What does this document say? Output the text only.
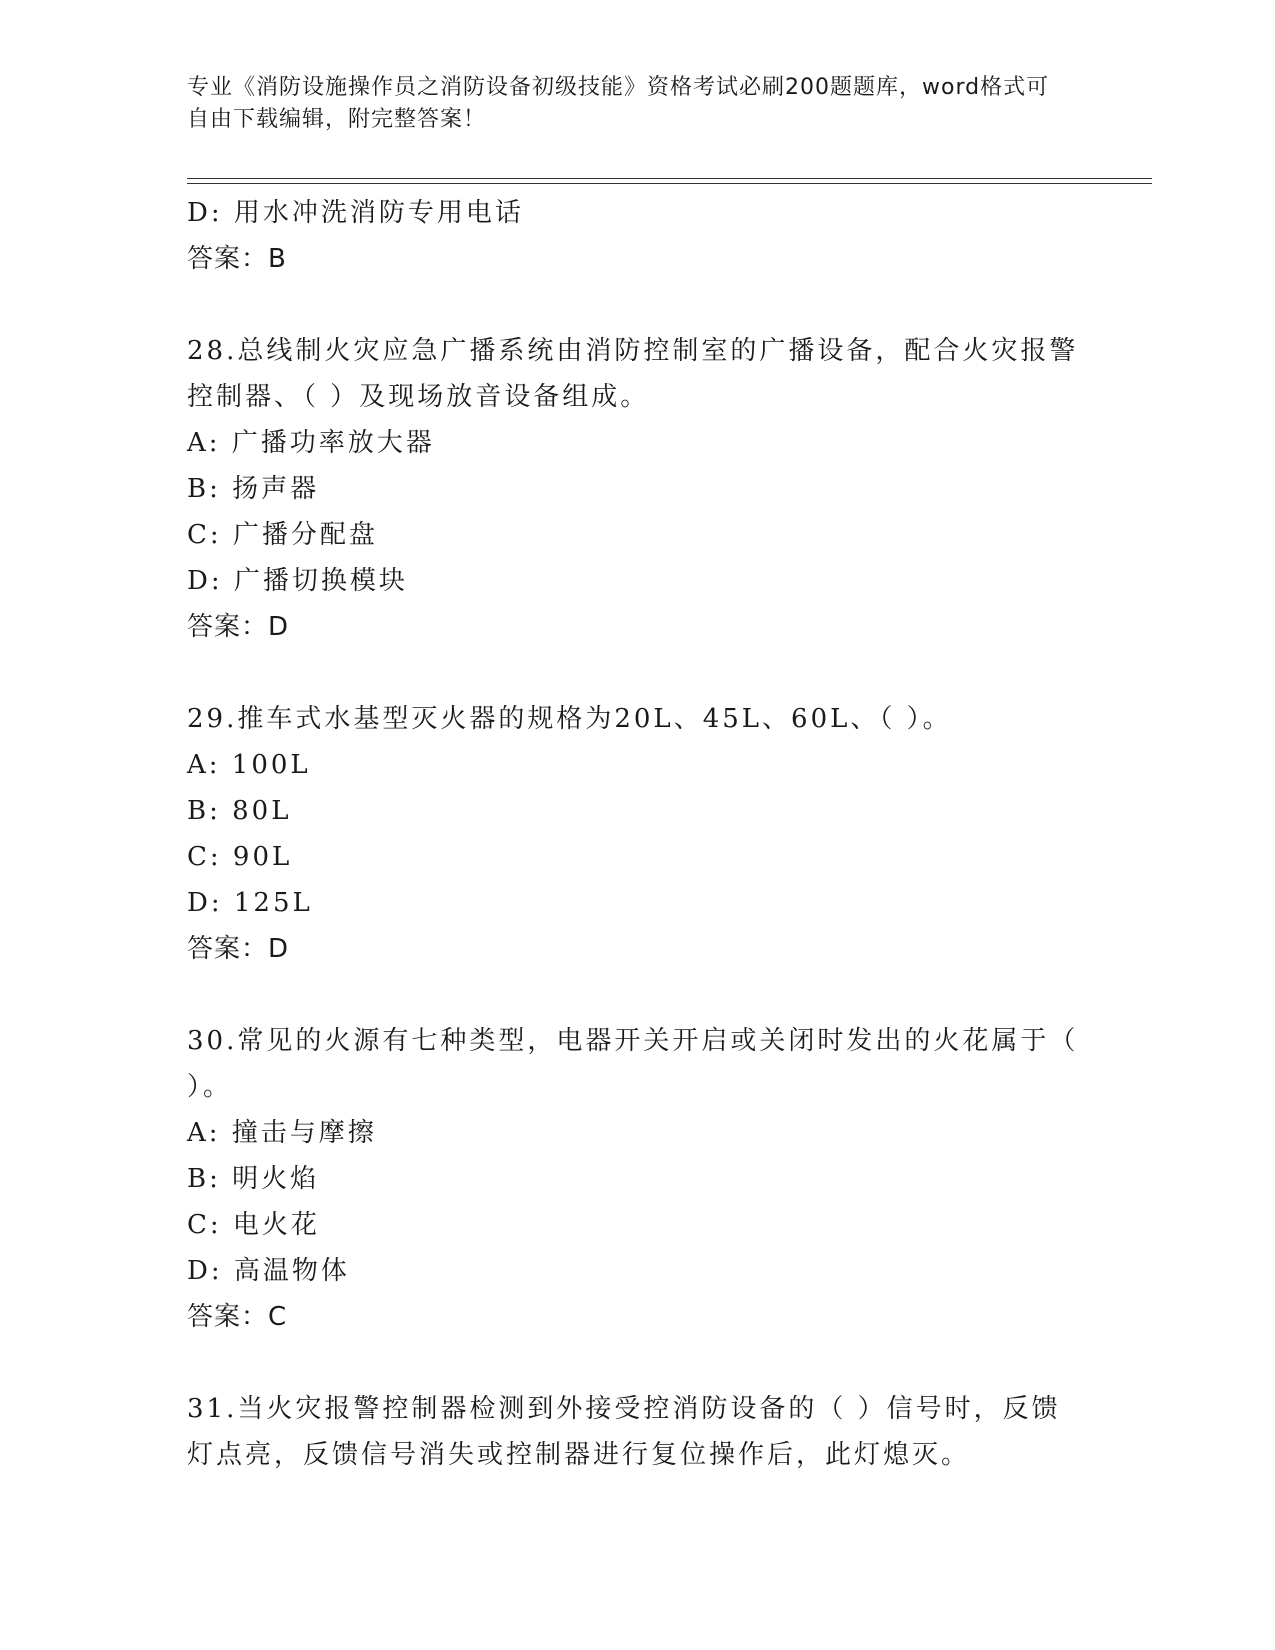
专业《消防设施操作员之消防设备初级技能》资格考试必刷200题题库，word格式可自由下载编辑，附完整答案！
D: 用水冲洗消防专用电话
答案：B
28.总线制火灾应急广播系统由消防控制室的广播设备，配合火灾报警控制器、（ ）及现场放音设备组成。
A: 广播功率放大器
B: 扬声器
C: 广播分配盘
D: 广播切换模块
答案：D
29.推车式水基型灭火器的规格为20L、45L、60L、（ ）。
A: 100L
B: 80L
C: 90L
D: 125L
答案：D
30.常见的火源有七种类型，电器开关开启或关闭时发出的火花属于（ ）。
A: 撞击与摩擦
B: 明火焰
C: 电火花
D: 高温物体
答案：C
31.当火灾报警控制器检测到外接受控消防设备的（ ）信号时，反馈灯点亮，反馈信号消失或控制器进行复位操作后，此灯熄灭。
